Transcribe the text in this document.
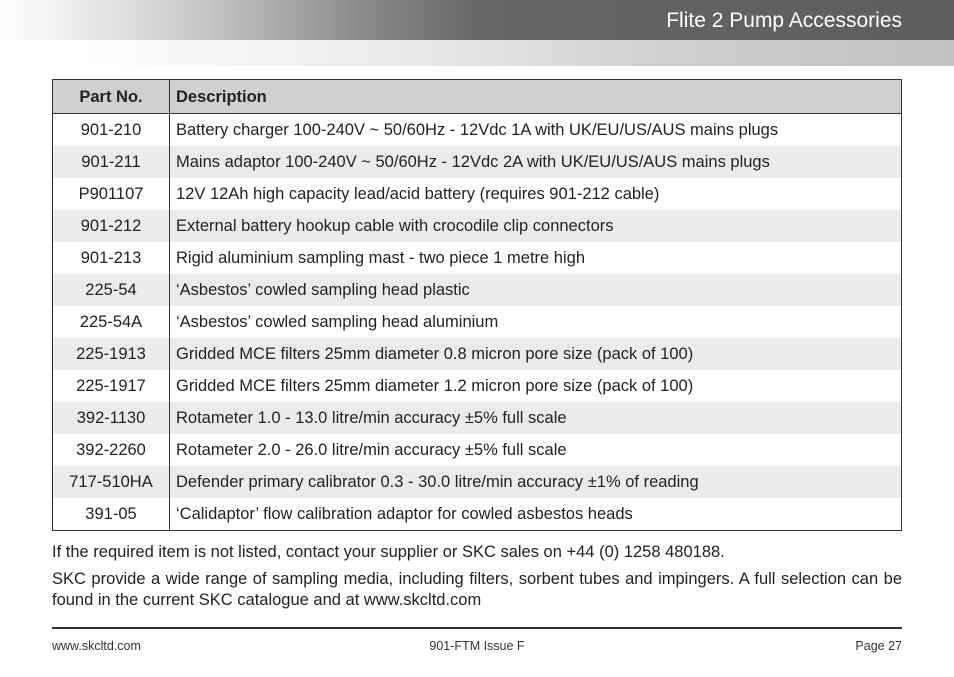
Flite 2 Pump Accessories
Part No.	Description
901-210	Battery charger 100-240V ~ 50/60Hz - 12Vdc 1A with UK/EU/US/AUS mains plugs
901-211	Mains adaptor 100-240V ~ 50/60Hz - 12Vdc 2A with UK/EU/US/AUS mains plugs
P901107	12V 12Ah high capacity lead/acid battery (requires 901-212 cable)
901-212	External battery hookup cable with crocodile clip connectors
901-213	Rigid aluminium sampling mast - two piece 1 metre high
225-54	‘Asbestos’ cowled sampling head plastic
225-54A	‘Asbestos’ cowled sampling head aluminium
225-1913	Gridded MCE filters 25mm diameter 0.8 micron pore size (pack of 100)
225-1917	Gridded MCE filters 25mm diameter 1.2 micron pore size (pack of 100)
392-1130	Rotameter 1.0 - 13.0 litre/min accuracy ±5% full scale
392-2260	Rotameter 2.0 - 26.0 litre/min accuracy ±5% full scale
717-510HA	Defender primary calibrator 0.3 - 30.0 litre/min accuracy ±1% of reading
391-05	‘Calidaptor’ flow calibration adaptor for cowled asbestos heads

If the required item is not listed, contact your supplier or SKC sales on +44 (0) 1258 480188.

SKC provide a wide range of sampling media, including filters, sorbent tubes and impingers. A full selection can be found in the current SKC catalogue and at www.skcltd.com

www.skcltd.com	901-FTM Issue F	Page 27
